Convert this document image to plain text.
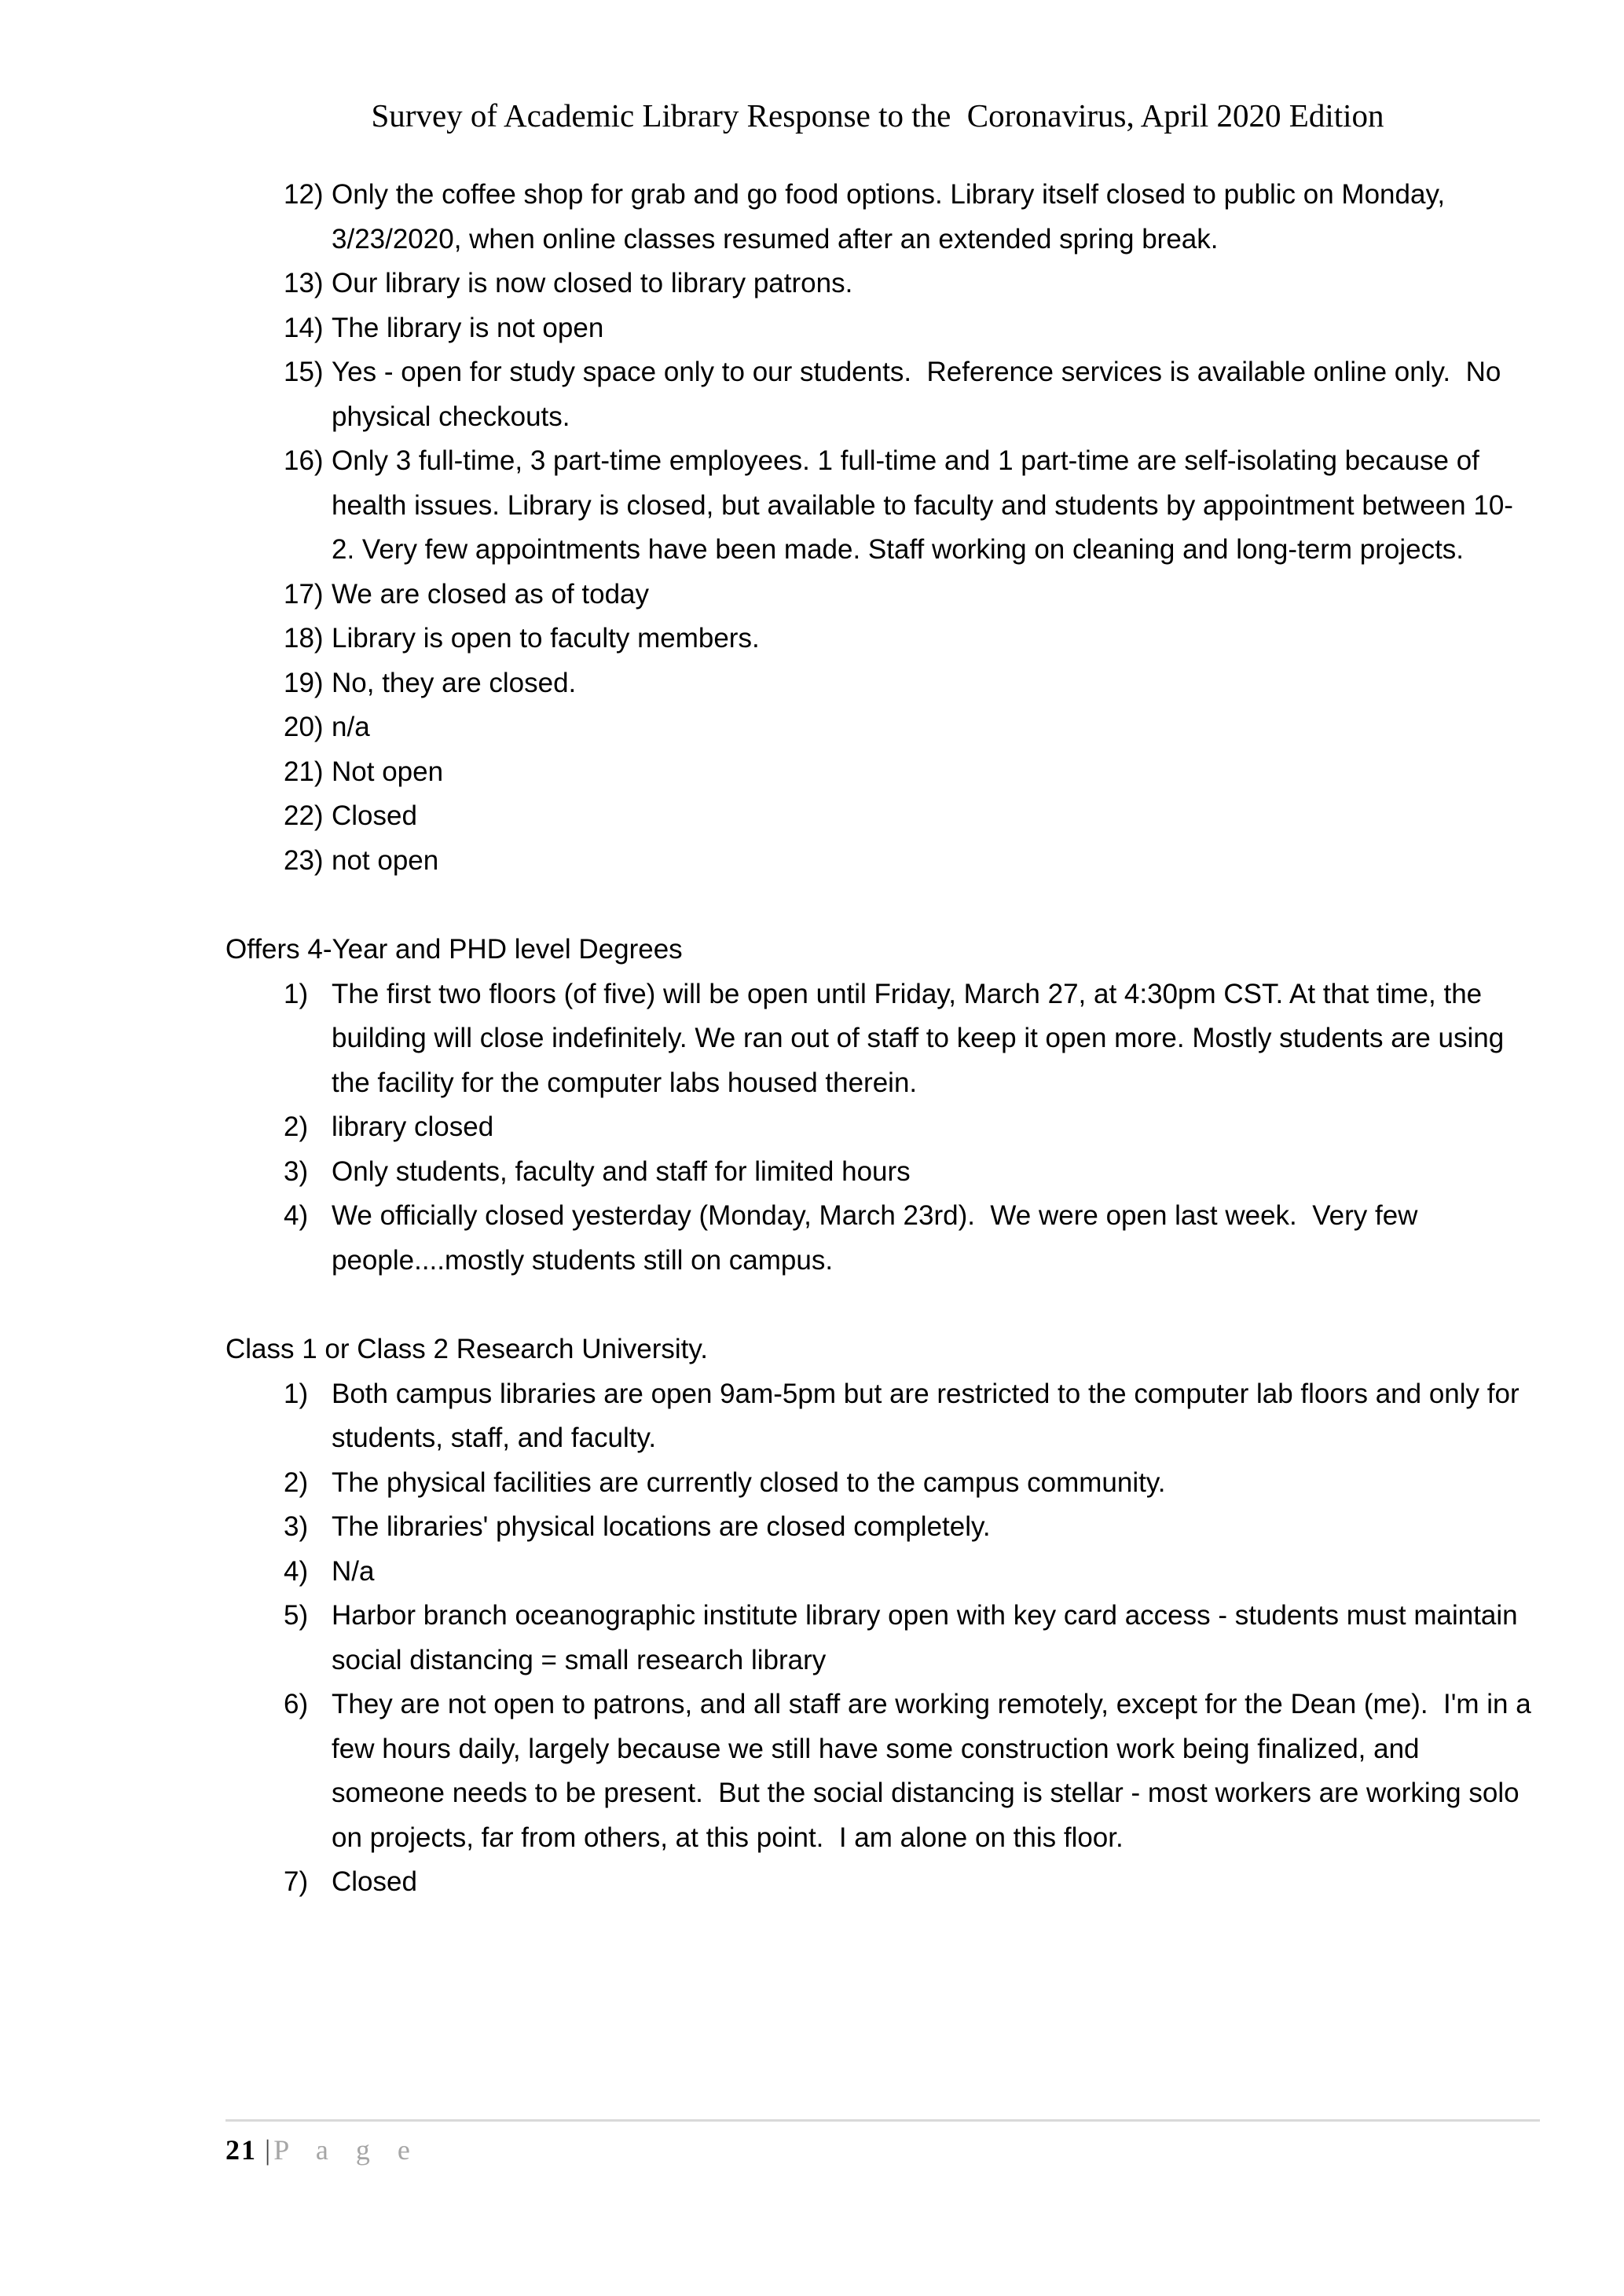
Survey of Academic Library Response to the  Coronavirus, April 2020 Edition
12) Only the coffee shop for grab and go food options. Library itself closed to public on Monday, 3/23/2020, when online classes resumed after an extended spring break.
13) Our library is now closed to library patrons.
14) The library is not open
15) Yes - open for study space only to our students.  Reference services is available online only.  No physical checkouts.
16) Only 3 full-time, 3 part-time employees. 1 full-time and 1 part-time are self-isolating because of health issues. Library is closed, but available to faculty and students by appointment between 10-2. Very few appointments have been made. Staff working on cleaning and long-term projects.
17) We are closed as of today
18) Library is open to faculty members.
19) No, they are closed.
20) n/a
21) Not open
22) Closed
23) not open
Offers 4-Year and PHD level Degrees
1) The first two floors (of five) will be open until Friday, March 27, at 4:30pm CST. At that time, the building will close indefinitely. We ran out of staff to keep it open more. Mostly students are using the facility for the computer labs housed therein.
2) library closed
3) Only students, faculty and staff for limited hours
4) We officially closed yesterday (Monday, March 23rd).  We were open last week.  Very few people....mostly students still on campus.
Class 1 or Class 2 Research University.
1) Both campus libraries are open 9am-5pm but are restricted to the computer lab floors and only for students, staff, and faculty.
2) The physical facilities are currently closed to the campus community.
3) The libraries' physical locations are closed completely.
4) N/a
5) Harbor branch oceanographic institute library open with key card access - students must maintain social distancing = small research library
6) They are not open to patrons, and all staff are working remotely, except for the Dean (me).  I'm in a few hours daily, largely because we still have some construction work being finalized, and someone needs to be present.  But the social distancing is stellar - most workers are working solo on projects, far from others, at this point.  I am alone on this floor.
7) Closed
21 | P a g e
